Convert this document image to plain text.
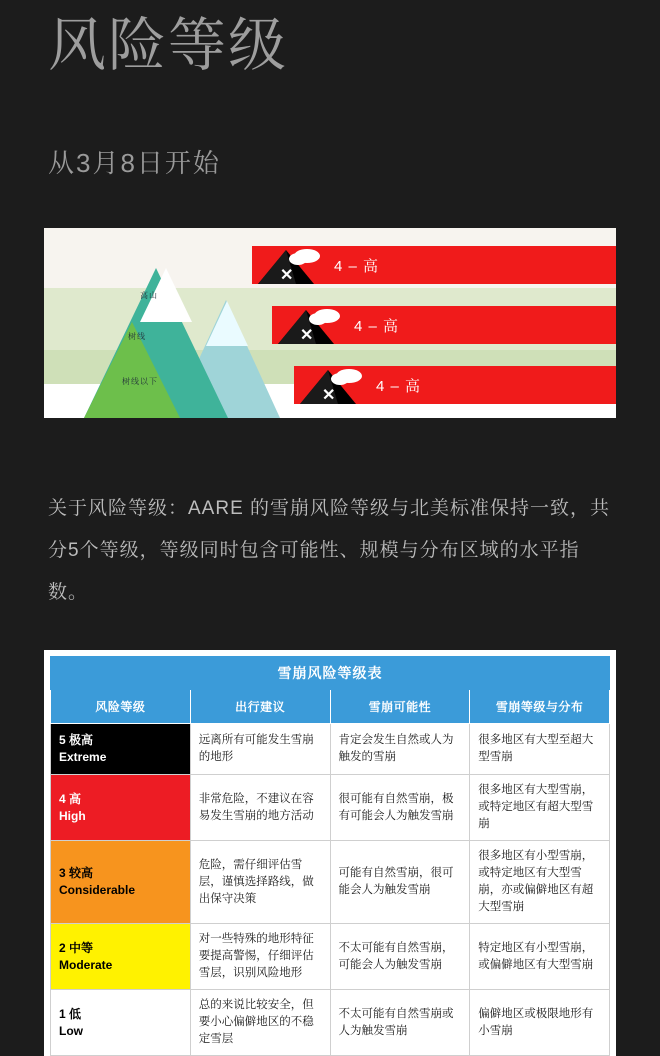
风险等级
从3月8日开始
高山
树线
树线以下
4 – 高
✕
4 – 高
✕
4 – 高
✕
关于风险等级：AARE 的雪崩风险等级与北美标准保持一致，共分5个等级，等级同时包含可能性、规模与分布区域的水平指数。
雪崩风险等级表			
风险等级	出行建议	雪崩可能性	雪崩等级与分布

5 极高
Extreme	远离所有可能发生雪崩的地形	肯定会发生自然或人为触发的雪崩	很多地区有大型至超大型雪崩

4 高
High	非常危险，不建议在容易发生雪崩的地方活动	很可能有自然雪崩，极有可能会人为触发雪崩	很多地区有大型雪崩，或特定地区有超大型雪崩

3 较高
Considerable	危险，需仔细评估雪层，谨慎选择路线，做出保守决策	可能有自然雪崩，很可能会人为触发雪崩	很多地区有小型雪崩，或特定地区有大型雪崩，亦或偏僻地区有超大型雪崩

2 中等
Moderate	对一些特殊的地形特征要提高警惕，仔细评估雪层，识别风险地形	不太可能有自然雪崩，可能会人为触发雪崩	特定地区有小型雪崩，或偏僻地区有大型雪崩

1 低
Low	总的来说比较安全，但要小心偏僻地区的不稳定雪层	不太可能有自然雪崩或人为触发雪崩	偏僻地区或极限地形有小雪崩
